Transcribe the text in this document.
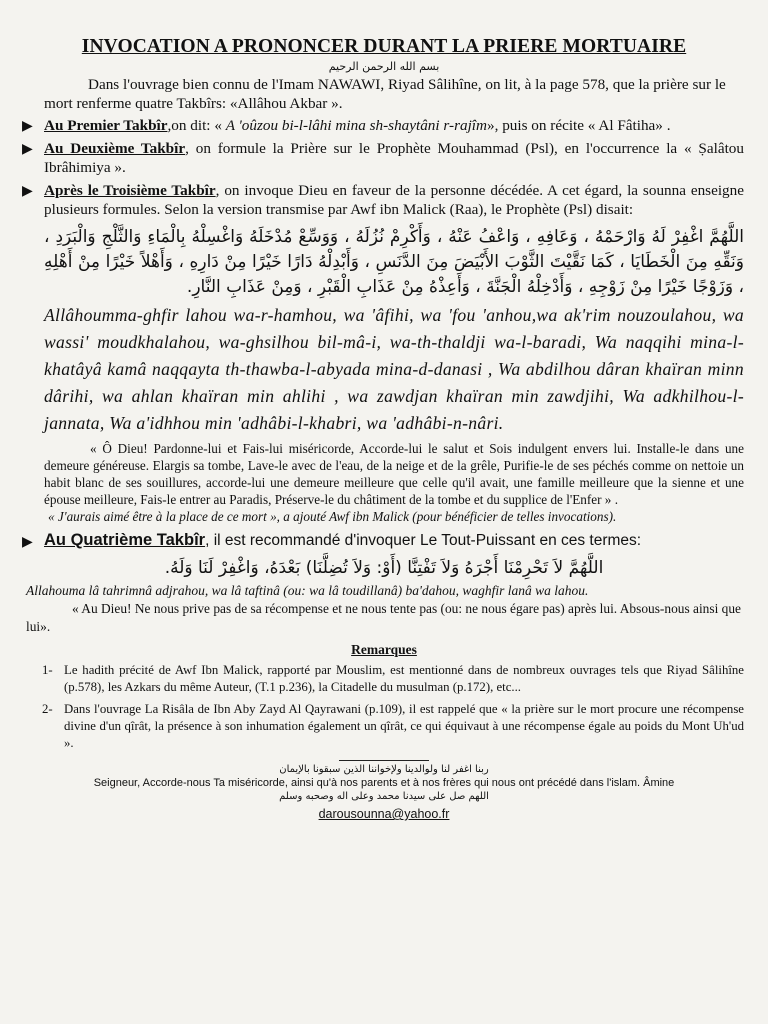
INVOCATION A PRONONCER DURANT LA PRIERE MORTUAIRE
بسم الله الرحمن الرحيم

Dans l'ouvrage bien connu de l'Imam NAWAWI, Riyad Sâlihîne, on lit, à la page 578, que la prière sur le mort renferme quatre Takbîrs: «Allâhou Akbar ».

▶ Au Premier Takbîr,on dit: « A 'oûzou bi-l-lâhi mina sh-shaytâni r-rajîm», puis on récite « Al Fâtiha» .
▶ Au Deuxième Takbîr, on formule la Prière sur le Prophète Mouhammad (Psl), en l'occurrence la « Ṣalâtou Ibrâhimiya ».
▶ Après le Troisième Takbîr, on invoque Dieu en faveur de la personne décédée. A cet égard, la sounna enseigne plusieurs formules. Selon la version transmise par Awf ibn Malick (Raa), le Prophète (Psl) disait:
اللَّهُمَّ اغْفِرْ لَهُ وَارْحَمْهُ ، وَعَافِهِ ، وَاعْفُ عَنْهُ ، وَأَكْرِمْ نُزُلَهُ ، وَوَسِّعْ مُدْخَلَهُ وَاغْسِلْهُ بِالْمَاءِ وَالثَّلْجِ وَالْبَرَدِ ، وَنَقِّهِ مِنَ الْخَطَايَا ، كَمَا نَقَّيْتَ الثَّوْبَ الأَبْيَضَ مِنَ الدَّنَسِ ، وَأَبْدِلْهُ دَارًا خَيْرًا مِنْ دَارِهِ ، وَأَهْلاً خَيْرًا مِنْ أَهْلِهِ ، وَزَوْجًا خَيْرًا مِنْ زَوْجِهِ ، وَأَدْخِلْهُ الْجَنَّةَ ، وَأَعِذْهُ مِنْ عَذَابِ الْقَبْرِ ، وَمِنْ عَذَابِ النَّارِ.
Allâhoumma-ghfir lahou wa-r-hamhou, wa 'âfihi, wa 'fou 'anhou,wa ak'rim nouzoulahou, wa wassi' moudkhalahou, wa-ghsilhou bil-mâ-i, wa-th-thaldji wa-l-baradi, Wa naqqihi mina-l-khatâyâ kamâ naqqayta th-thawba-l-abyada mina-d-danasi , Wa abdilhou dâran khaïran minn dârihi, wa ahlan khaïran min ahlihi , wa zawdjan khaïran min zawdjihi, Wa adkhilhou-l-jannata, Wa a'idhhou min 'adhâbi-l-khabri, wa 'adhâbi-n-nâri.

« Ô Dieu! Pardonne-lui et Fais-lui miséricorde, Accorde-lui le salut et Sois indulgent envers lui. Installe-le dans une demeure généreuse. Elargis sa tombe, Lave-le avec de l'eau, de la neige et de la grêle, Purifie-le de ses péchés comme on nettoie un habit blanc de ses souillures, accorde-lui une demeure meilleure que celle qu'il avait, une famille meilleure que la sienne et une épouse meilleure, Fais-le entrer au Paradis, Préserve-le du châtiment de la tombe et du supplice de l'Enfer » .

« J'aurais aimé être à la place de ce mort », a ajouté Awf ibn Malick (pour bénéficier de telles invocations).
▶ Au Quatrième Takbîr, il est recommandé d'invoquer Le Tout-Puissant en ces termes:
اللَّهُمَّ لاَ تَحْرِمْنَا أَجْرَهُ وَلاَ تَفْتِنَّا (أَوْ: وَلاَ تُضِلَّنَا) بَعْدَهُ، وَاغْفِرْ لَنَا وَلَهُ.
Allahouma lâ tahrimnâ adjrahou, wa lâ taftinâ (ou: wa lâ toudillanâ) ba'dahou, waghfir lanâ wa lahou.

« Au Dieu! Ne nous prive pas de sa récompense et ne nous tente pas (ou: ne nous égare pas) après lui. Absous-nous ainsi que lui».

Remarques
1- Le hadith précité de Awf Ibn Malick, rapporté par Mouslim, est mentionné dans de nombreux ouvrages tels que Riyad Sâlihîne (p.578), les Azkars du même Auteur, (T.1 p.236), la Citadelle du musulman (p.172), etc...
2- Dans l'ouvrage La Risâla de Ibn Aby Zayd Al Qayrawani (p.109), il est rappelé que « la prière sur le mort procure une récompense divine d'un qîrât, la présence à son inhumation également un qîrât, ce qui équivaut à une récompense égale au poids du Mont Uh'ud ».
ربنا اغفر لنا ولوالدينا ولإخواننا الذين سبقونا بالإيمان
Seigneur, Accorde-nous Ta miséricorde, ainsi qu'à nos parents et à nos frères qui nous ont précédé dans l'islam. Âmine
اللهم صل على سيدنا محمد وعلى اله وصحبه وسلم
darousounna@yahoo.fr
